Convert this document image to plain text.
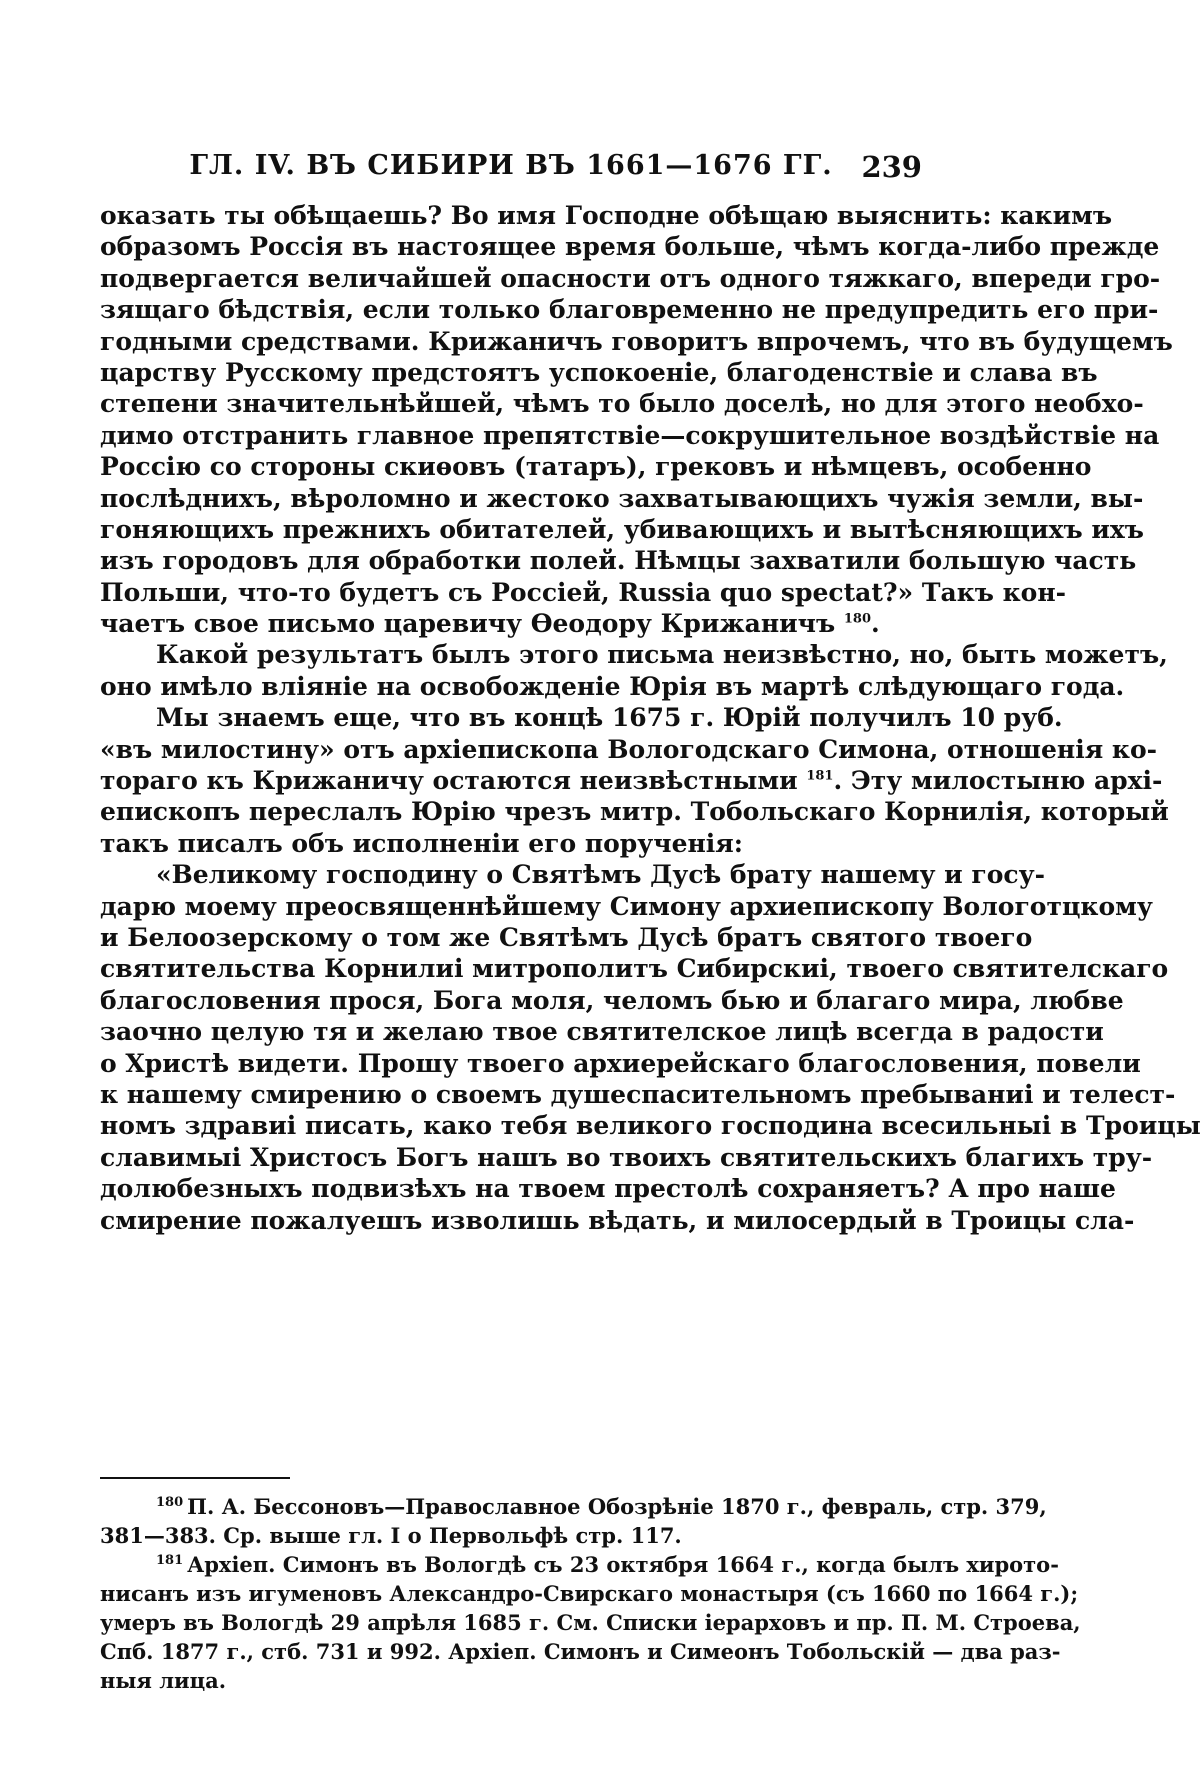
ГЛ. IV. ВЪ СИБИРИ ВЪ 1661—1676 ГГ. 239
оказать ты обѣщаешь? Во имя Господне обѣщаю выяснить: какимъ
образомъ Россія въ настоящее время больше, чѣмъ когда-либо прежде
подвергается величайшей опасности отъ одного тяжкаго, впереди гро-
зящаго бѣдствія, если только благовременно не предупредить его при-
годными средствами. Крижаничъ говоритъ впрочемъ, что въ будущемъ
царству Русскому предстоятъ успокоеніе, благоденствіе и слава въ
степени значительнѣйшей, чѣмъ то было доселѣ, но для этого необхо-
димо отстранить главное препятствіе—сокрушительное воздѣйствіе на
Россію со стороны скиѳовъ (татаръ), грековъ и нѣмцевъ, особенно
послѣднихъ, вѣроломно и жестоко захватывающихъ чужія земли, вы-
гоняющихъ прежнихъ обитателей, убивающихъ и вытѣсняющихъ ихъ
изъ городовъ для обработки полей. Нѣмцы захватили большую часть
Польши, что-то будетъ съ Россіей, Russia quo spectat?» Такъ кон-
чаетъ свое письмо царевичу Ѳеодору Крижаничъ $^{180}$.
Какой результатъ былъ этого письма неизвѣстно, но, быть можетъ,
оно имѣло вліяніе на освобожденіе Юрія въ мартѣ слѣдующаго года.
Мы знаемъ еще, что въ концѣ 1675 г. Юрій получилъ 10 руб.
«въ милостину» отъ архіепископа Вологодскаго Симона, отношенія ко-
тораго къ Крижаничу остаются неизвѣстными $^{181}$. Эту милостыню архі-
епископъ переслалъ Юрію чрезъ митр. Тобольскаго Корнилія, который
такъ писалъ объ исполненіи его порученія:
«Великому господину о Святѣмъ Дусѣ брату нашему и госу-
дарю моему преосвященнѣйшему Симону архиепископу Вологотцкому
и Белоозерскому о том же Святѣмъ Дусѣ братъ святого твоего
святительства Корнилиі митрополитъ Сибирскиі, твоего святителскаго
благословения прося, Бога моля, челомъ бью и благаго мира, любве
заочно целую тя и желаю твое святителское лицѣ всегда в радости
о Христѣ видети. Прошу твоего архиерейскаго благословения, повели
к нашему смирению о своемъ душеспасительномъ пребываниі и телест-
номъ здравиі писать, како тебя великого господина всесильныі в Троицы
славимыі Христосъ Богъ нашъ во твоихъ святительскихъ благихъ тру-
долюбезныхъ подвизѣхъ на твоем престолѣ сохраняетъ? А про наше
смирение пожалуешъ изволишь вѣдать, и милосердый в Троицы сла-
$^{180}$ П. А. Бессоновъ—Православное Обозрѣніе 1870 г., февраль, стр. 379,
381—383. Ср. выше гл. I о Первольфѣ стр. 117.
$^{181}$ Архіеп. Симонъ въ Вологдѣ съ 23 октября 1664 г., когда былъ хирото-
нисанъ изъ игуменовъ Александро-Свирскаго монастыря (съ 1660 по 1664 г.);
умеръ въ Вологдѣ 29 апрѣля 1685 г. См. Списки іерарховъ и пр. П. М. Строева,
Спб. 1877 г., стб. 731 и 992. Архіеп. Симонъ и Симеонъ Тобольскій — два раз-
ныя лица.
